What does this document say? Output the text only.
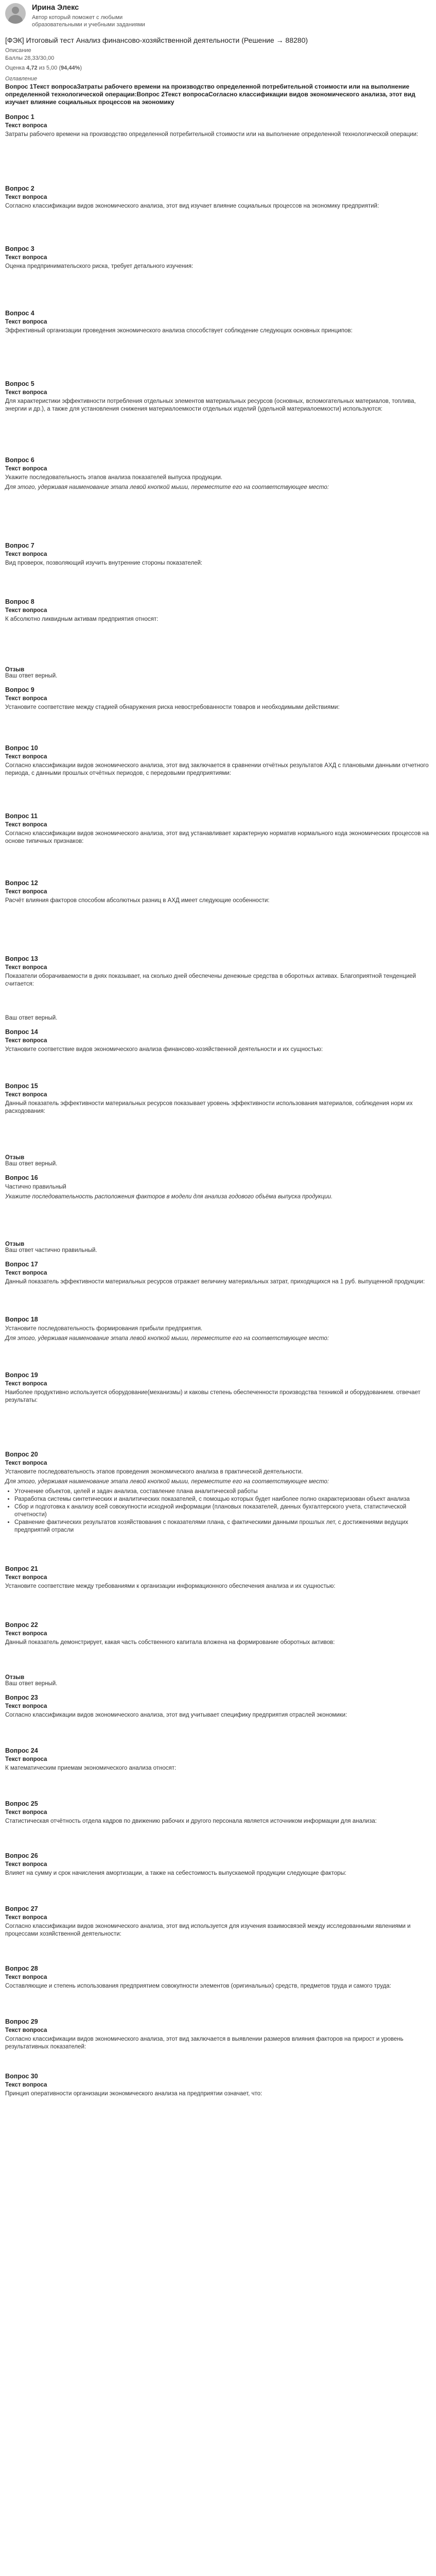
Ирина Элекс
Автор который поможет с любыми образовательными и учебными заданиями
[ФЭК] Итоговый тест Анализ финансово-хозяйственной деятельности (Решение → 88280)
Описание
Баллы 28,33/30,00
Оценка 4,72 из 5,00 (94,44%)
Оглавление
Вопрос 1Текст вопросаЗатраты рабочего времени на производство определенной потребительной стоимости или на выполнение определенной технологической операции:Вопрос 2Текст вопросаСогласно классификации видов экономического анализа, этот вид изучает влияние социальных процессов на экономику
Вопрос 1
Текст вопроса
Затраты рабочего времени на производство определенной потребительной стоимости или на выполнение определенной технологической операции:
Вопрос 2
Текст вопроса
Согласно классификации видов экономического анализа, этот вид изучает влияние социальных процессов на экономику предприятий:
Вопрос 3
Текст вопроса
Оценка предпринимательского риска, требует детального изучения:
Вопрос 4
Текст вопроса
Эффективный организации проведения экономического анализа способствует соблюдение следующих основных принципов:
Вопрос 5
Текст вопроса
Для характеристики эффективности потребления отдельных элементов материальных ресурсов (основных, вспомогательных материалов, топлива, энергии и др.), а также для установления снижения материалоемкости отдельных изделий (удельной материалоемкости) используются:
Вопрос 6
Текст вопроса
Укажите последовательность этапов анализа показателей выпуска продукции.
Для этого, удерживая наименование этапа левой кнопкой мыши, переместите его на соответствующее место:
Вопрос 7
Текст вопроса
Вид проверок, позволяющий изучить внутренние стороны показателей:
Вопрос 8
Текст вопроса
К абсолютно ликвидным активам предприятия относят:
Отзыв
Ваш ответ верный.
Вопрос 9
Текст вопроса
Установите соответствие между стадией обнаружения риска невостребованности товаров и необходимыми действиями:
Вопрос 10
Текст вопроса
Согласно классификации видов экономического анализа, этот вид заключается в сравнении отчётных результатов АХД с плановыми данными отчетного периода, с данными прошлых отчётных периодов, с передовыми предприятиями:
Вопрос 11
Текст вопроса
Согласно классификации видов экономического анализа, этот вид устанавливает характерную норматив нормального кода экономических процессов на основе типичных признаков:
Вопрос 12
Текст вопроса
Расчёт влияния факторов способом абсолютных разниц в АХД имеет следующие особенности:
Вопрос 13
Текст вопроса
Показатели оборачиваемости в днях показывает, на сколько дней обеспечены денежные средства в оборотных активах. Благоприятной тенденцией считается:
Ваш ответ верный.
Вопрос 14
Текст вопроса
Установите соответствие видов экономического анализа финансово-хозяйственной деятельности и их сущностью:
Вопрос 15
Текст вопроса
Данный показатель эффективности материальных ресурсов показывает уровень эффективности использования материалов, соблюдения норм их расходования:
Отзыв
Ваш ответ верный.
Вопрос 16
Частично правильный
Укажите последовательность расположения факторов в модели для анализа годового объёма выпуска продукции.
Отзыв
Ваш ответ частично правильный.
Вопрос 17
Текст вопроса
Данный показатель эффективности материальных ресурсов отражает величину материальных затрат, приходящихся на 1 руб. выпущенной продукции:
Вопрос 18
Установите последовательность формирования прибыли предприятия.
Для этого, удерживая наименование этапа левой кнопкой мыши, переместите его на соответствующее место:
Вопрос 19
Текст вопроса
Наиболее продуктивно используется оборудование(механизмы) и каковы степень обеспеченности производства техникой и оборудованием. отвечает результаты:
Вопрос 20
Текст вопроса
Установите последовательность этапов проведения экономического анализа в практической деятельности.
Для этого, удерживая наименование этапа левой кнопкой мыши, переместите его на соответствующее место:
• Уточнение объектов, целей и задач анализа, составление плана аналитической работы
• Разработка системы синтетических и аналитических показателей, с помощью которых будет наиболее полно охарактеризован объект анализа
• Сбор и подготовка к анализу всей совокупности исходной информации (плановых показателей, данных бухгалтерского учета, статистической отчетности)
• Сравнение фактических результатов хозяйствования с показателями плана, с фактическими данными прошлых лет, с достижениями ведущих предприятий отрасли
Вопрос 21
Текст вопроса
Установите соответствие между требованиями к организации информационного обеспечения анализа и их сущностью:
Вопрос 22
Текст вопроса
Данный показатель демонстрирует, какая часть собственного капитала вложена на формирование оборотных активов:
Отзыв
Ваш ответ верный.
Вопрос 23
Текст вопроса
Согласно классификации видов экономического анализа, этот вид учитывает специфику предприятия отраслей экономики:
Вопрос 24
Текст вопроса
К математическим приемам экономического анализа относят:
Вопрос 25
Текст вопроса
Статистическая отчётность отдела кадров по движению рабочих и другого персонала является источником информации для анализа:
Вопрос 26
Текст вопроса
Влияет на сумму и срок начисления амортизации, а также на себестоимость выпускаемой продукции следующие факторы:
Вопрос 27
Текст вопроса
Согласно классификации видов экономического анализа, этот вид используется для изучения взаимосвязей между исследованными явлениями и процессами хозяйственной деятельности:
Вопрос 28
Текст вопроса
Составляющие и степень использования предприятием совокупности элементов (оригинальных) средств, предметов труда и самого труда:
Вопрос 29
Текст вопроса
Согласно классификации видов экономического анализа, этот вид заключается в выявлении размеров влияния факторов на прирост и уровень результативных показателей:
Вопрос 30
Текст вопроса
Принцип оперативности организации экономического анализа на предприятии означает, что:
